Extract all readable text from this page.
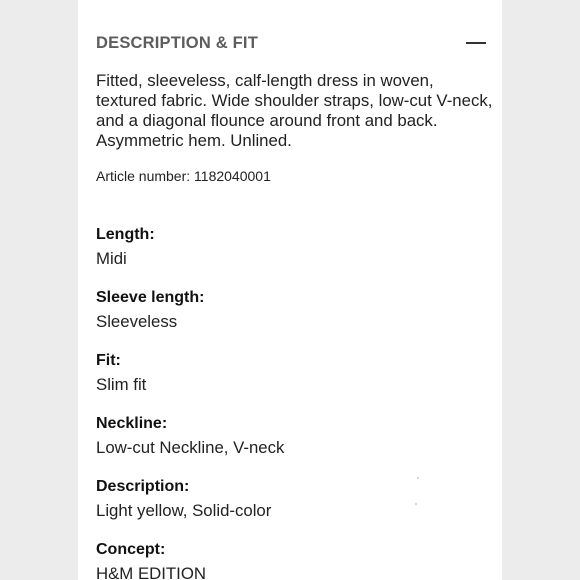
DESCRIPTION & FIT
Fitted, sleeveless, calf-length dress in woven, textured fabric. Wide shoulder straps, low-cut V-neck, and a diagonal flounce around front and back. Asymmetric hem. Unlined.
Article number: 1182040001
Length:
Midi
Sleeve length:
Sleeveless
Fit:
Slim fit
Neckline:
Low-cut Neckline, V-neck
Description:
Light yellow, Solid-color
Concept:
H&M EDITION
